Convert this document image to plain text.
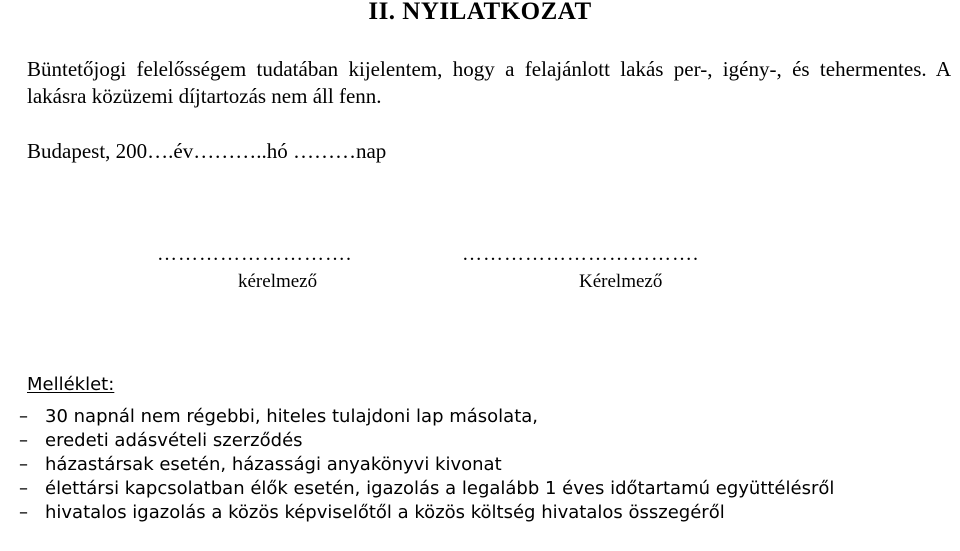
II. NYILATKOZAT
Büntetőjogi felelősségem tudatában kijelentem, hogy a felajánlott lakás per-, igény-, és tehermentes. A lakásra közüzemi díjtartozás nem áll fenn.
Budapest, 200….év………..hó ………nap
……………………….	…………………………….
kérelmező	Kérelmező
Melléklet:
– 30 napnál nem régebbi, hiteles tulajdoni lap másolata,
– eredeti adásvételi szerződés
– házastársak esetén, házassági anyakönyvi kivonat
– élettársi kapcsolatban élők esetén, igazolás a legalább 1 éves időtartamú együttélésről
– hivatalos igazolás a közös képviselőtől a közös költség hivatalos összegéről
